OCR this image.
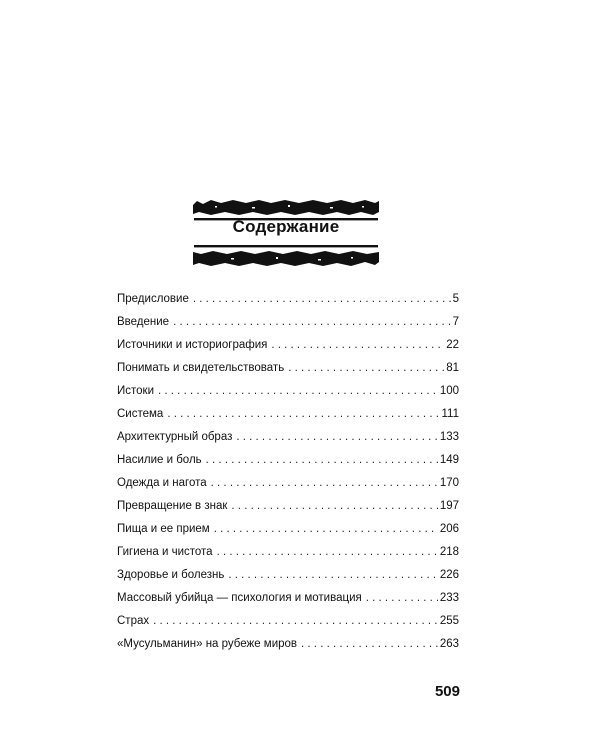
Содержание
Предисловие . . .	5
Введение . . .	7
Источники и историография . . .	22
Понимать и свидетельствовать . . .	81
Истоки . . .	100
Система . . .	111
Архитектурный образ . . .	133
Насилие и боль . . .	149
Одежда и нагота . . .	170
Превращение в знак . . .	197
Пища и ее прием . . .	206
Гигиена и чистота . . .	218
Здоровье и болезнь . . .	226
Массовый убийца — психология и мотивация . . .	233
Страх . . .	255
«Мусульманин» на рубеже миров . . .	263
509
